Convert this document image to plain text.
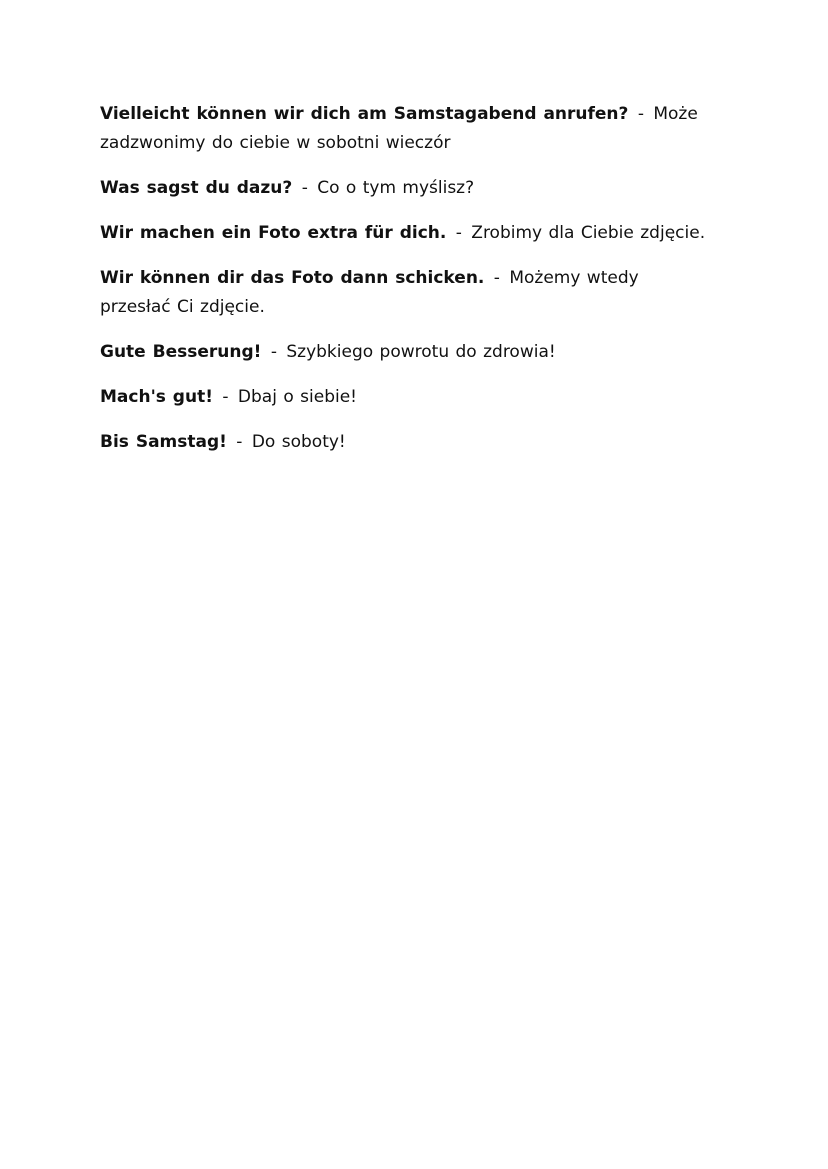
Vielleicht können wir dich am Samstagabend anrufen? - Może zadzwonimy do ciebie w sobotni wieczór
Was sagst du dazu? - Co o tym myślisz?
Wir machen ein Foto extra für dich. - Zrobimy dla Ciebie zdjęcie.
Wir können dir das Foto dann schicken. - Możemy wtedy przesłać Ci zdjęcie.
Gute Besserung! - Szybkiego powrotu do zdrowia!
Mach's gut! - Dbaj o siebie!
Bis Samstag! - Do soboty!
